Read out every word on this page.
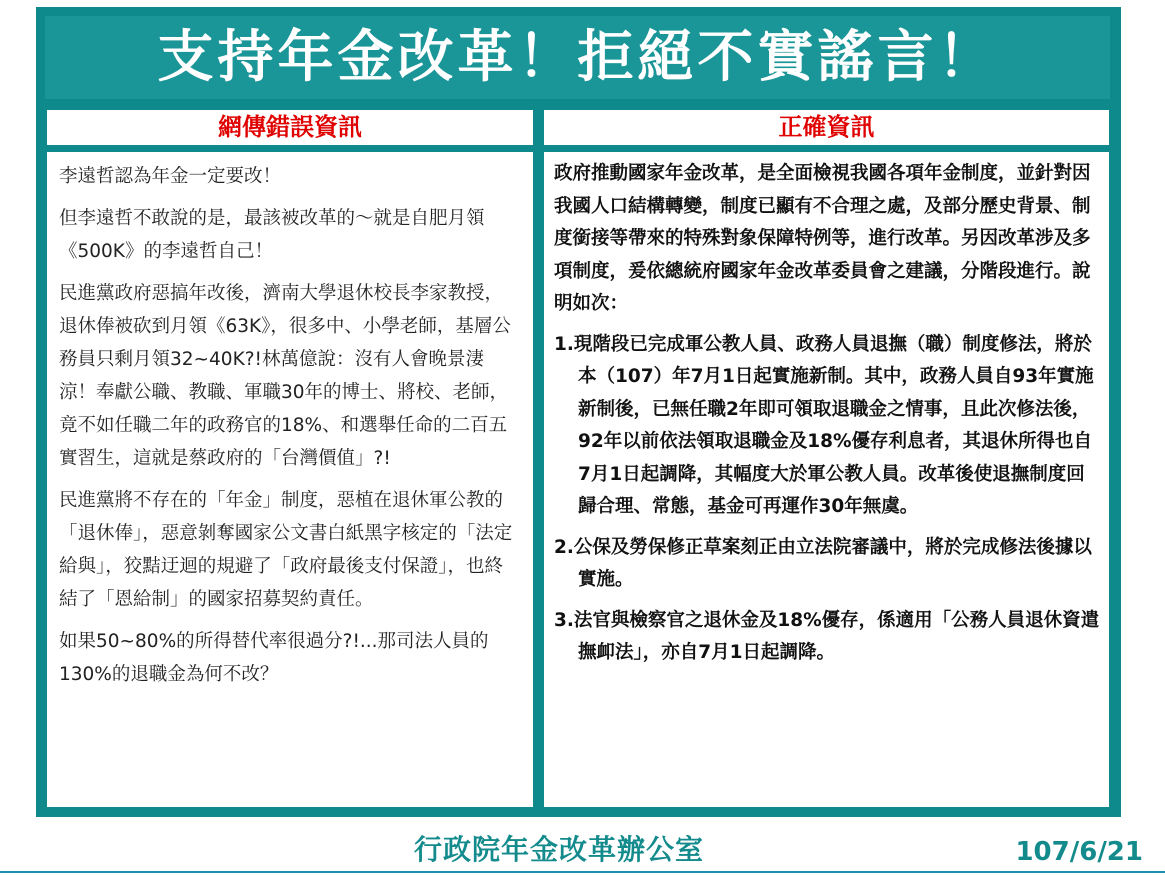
支持年金改革！拒絕不實謠言！
網傳錯誤資訊	正確資訊

李遠哲認為年金一定要改！

但李遠哲不敢說的是，最該被改革的～就是自肥月領《500K》的李遠哲自己！

民進黨政府惡搞年改後，濟南大學退休校長李家教授，退休俸被砍到月領《63K》，很多中、小學老師，基層公務員只剩月領32~40K?!林萬億說：沒有人會晚景淒涼！奉獻公職、教職、軍職30年的博士、將校、老師，竟不如任職二年的政務官的18%、和選舉任命的二百五實習生，這就是蔡政府的「台灣價值」?!

民進黨將不存在的「年金」制度，惡植在退休軍公教的「退休俸」，惡意剝奪國家公文書白紙黑字核定的「法定給與」，狡黠迂迴的規避了「政府最後支付保證」，也終結了「恩給制」的國家招募契約責任。

如果50~80%的所得替代率很過分?!...那司法人員的130%的退職金為何不改？

政府推動國家年金改革，是全面檢視我國各項年金制度，並針對因我國人口結構轉變，制度已顯有不合理之處，及部分歷史背景、制度銜接等帶來的特殊對象保障特例等，進行改革。另因改革涉及多項制度，爰依總統府國家年金改革委員會之建議，分階段進行。說明如次：

1.現階段已完成軍公教人員、政務人員退撫（職）制度修法，將於本（107）年7月1日起實施新制。其中，政務人員自93年實施新制後，已無任職2年即可領取退職金之情事，且此次修法後，92年以前依法領取退職金及18%優存利息者，其退休所得也自7月1日起調降，其幅度大於軍公教人員。改革後使退撫制度回歸合理、常態，基金可再運作30年無虞。

2.公保及勞保修正草案刻正由立法院審議中，將於完成修法後據以實施。

3.法官與檢察官之退休金及18%優存，係適用「公務人員退休資遣撫卹法」，亦自7月1日起調降。

行政院年金改革辦公室	107/6/21
